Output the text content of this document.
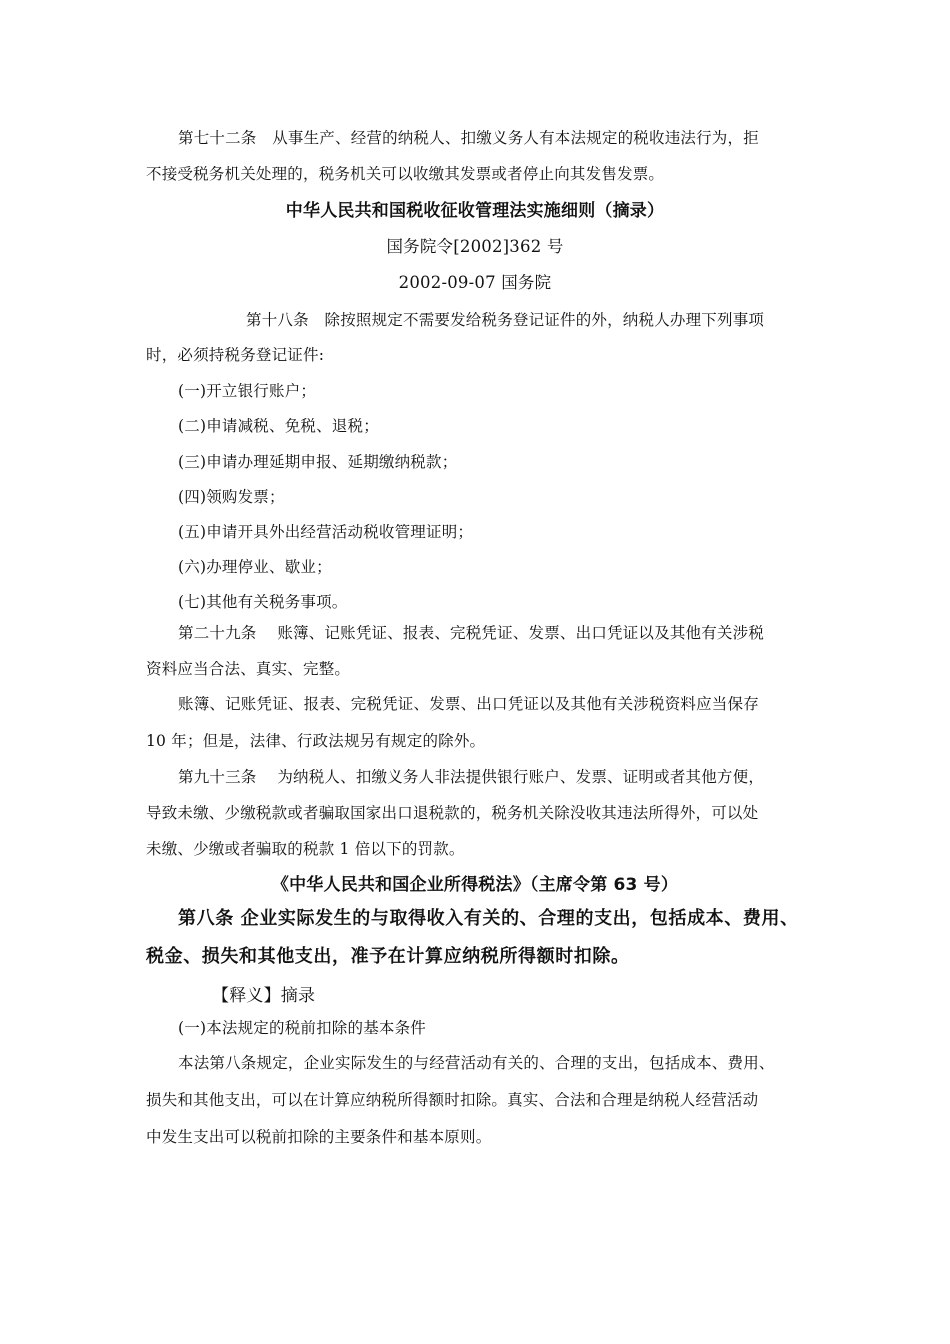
第七十二条　从事生产、经营的纳税人、扣缴义务人有本法规定的税收违法行为，拒
不接受税务机关处理的，税务机关可以收缴其发票或者停止向其发售发票。
中华人民共和国税收征收管理法实施细则（摘录）
国务院令[2002]362 号
2002-09-07 国务院
第十八条　除按照规定不需要发给税务登记证件的外，纳税人办理下列事项
时，必须持税务登记证件:
(一)开立银行账户；
(二)申请减税、免税、退税；
(三)申请办理延期申报、延期缴纳税款；
(四)领购发票；
(五)申请开具外出经营活动税收管理证明；
(六)办理停业、歇业；
(七)其他有关税务事项。
第二十九条　 账簿、记账凭证、报表、完税凭证、发票、出口凭证以及其他有关涉税
资料应当合法、真实、完整。
账簿、记账凭证、报表、完税凭证、发票、出口凭证以及其他有关涉税资料应当保存
10 年；但是，法律、行政法规另有规定的除外。
第九十三条　 为纳税人、扣缴义务人非法提供银行账户、发票、证明或者其他方便，
导致未缴、少缴税款或者骗取国家出口退税款的，税务机关除没收其违法所得外，可以处
未缴、少缴或者骗取的税款 1 倍以下的罚款。
《中华人民共和国企业所得税法》（主席令第 63 号）
第八条 企业实际发生的与取得收入有关的、合理的支出，包括成本、费用、
税金、损失和其他支出，准予在计算应纳税所得额时扣除。
【释义】摘录
(一)本法规定的税前扣除的基本条件
本法第八条规定，企业实际发生的与经营活动有关的、合理的支出，包括成本、费用、
损失和其他支出，可以在计算应纳税所得额时扣除。真实、合法和合理是纳税人经营活动
中发生支出可以税前扣除的主要条件和基本原则。
